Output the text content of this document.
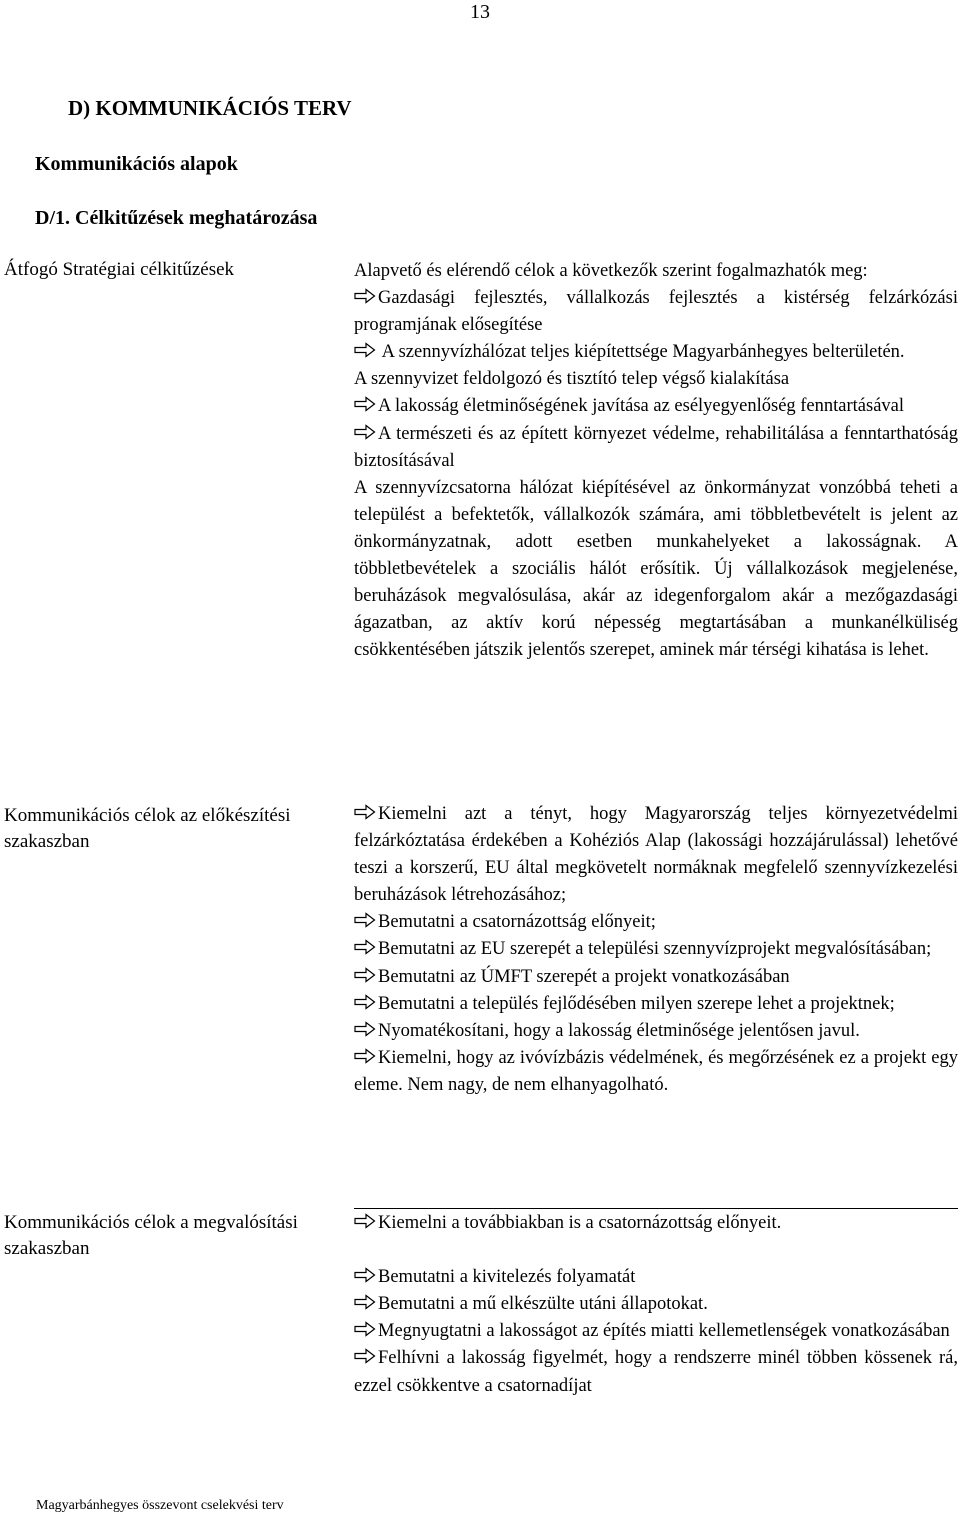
13
D) KOMMUNIKÁCIÓS TERV
Kommunikációs alapok
D/1. Célkitűzések meghatározása
Átfogó Stratégiai célkitűzések	Alapvető és elérendő célok a következők szerint fogalmazhatók meg:

Gazdasági fejlesztés, vállalkozás fejlesztés a kistérség felzárkózási programjának elősegítése

A szennyvízhálózat teljes kiépítettsége Magyarbánhegyes belterületén.

A szennyvizet feldolgozó és tisztító telep végső kialakítása

A lakosság életminőségének javítása az esélyegyenlőség fenntartásával

A természeti és az épített környezet védelme, rehabilitálása a fenntarthatóság biztosításával

A szennyvízcsatorna hálózat kiépítésével az önkormányzat vonzóbbá teheti a települést a befektetők, vállalkozók számára, ami többletbevételt is jelent az önkormányzatnak, adott esetben munkahelyeket a lakosságnak. A többletbevételek a szociális hálót erősítik. Új vállalkozások megjelenése, beruházások megvalósulása, akár az idegenforgalom akár a mezőgazdasági ágazatban, az aktív korú népesség megtartásában a munkanélküliség csökkentésében játszik jelentős szerepet, aminek már térségi kihatása is lehet.

Kommunikációs célok az előkészítési szakaszban

Kiemelni azt a tényt, hogy Magyarország teljes környezetvédelmi felzárkóztatása érdekében a Kohéziós Alap (lakossági hozzájárulással) lehetővé teszi a korszerű, EU által megkövetelt normáknak megfelelő szennyvízkezelési beruházások létrehozásához;

Bemutatni a csatornázottság előnyeit;

Bemutatni az EU szerepét a települési szennyvízprojekt megvalósításában;

Bemutatni az ÚMFT szerepét a projekt vonatkozásában

Bemutatni a település fejlődésében milyen szerepe lehet a projektnek;

Nyomatékosítani, hogy a lakosság életminősége jelentősen javul.

Kiemelni, hogy az ivóvízbázis védelmének, és megőrzésének ez a projekt egy eleme. Nem nagy, de nem elhanyagolható.

Kommunikációs célok a megvalósítási szakaszban

Kiemelni a továbbiakban is a csatornázottság előnyeit.

Bemutatni a kivitelezés folyamatát

Bemutatni a mű elkészülte utáni állapotokat.

Megnyugtatni a lakosságot az építés miatti kellemetlenségek vonatkozásában

Felhívni a lakosság figyelmét, hogy a rendszerre minél többen kössenek rá, ezzel csökkentve a csatornadíjat

Magyarbánhegyes összevont cselekvési terv
